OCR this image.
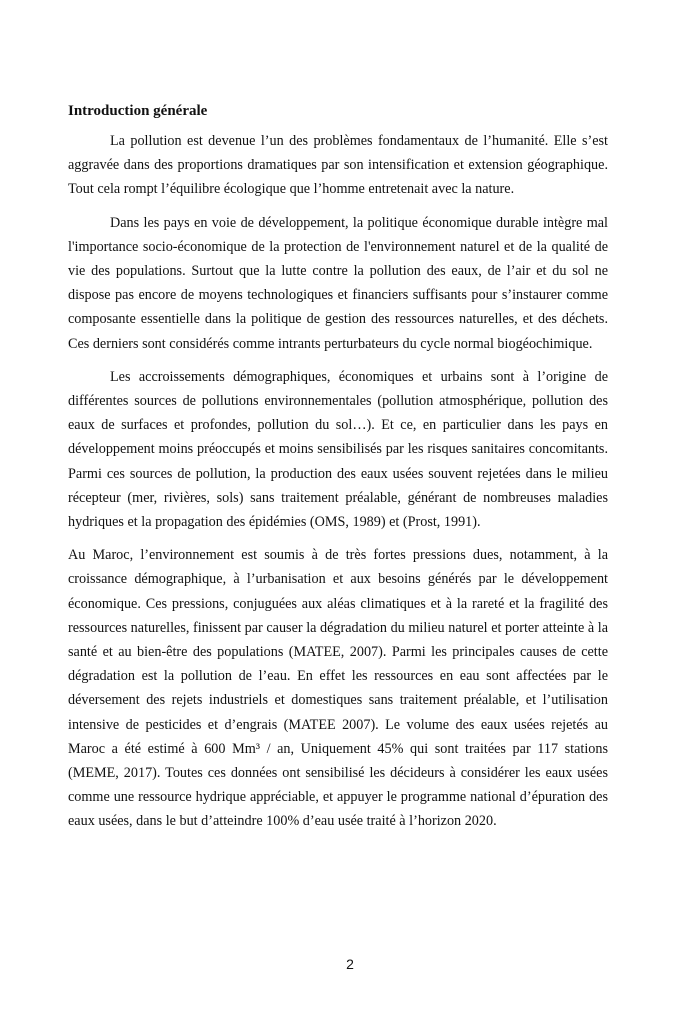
Introduction générale

La pollution est devenue l’un des problèmes fondamentaux de l’humanité. Elle s’est aggravée dans des proportions dramatiques par son intensification et extension géographique. Tout cela rompt l’équilibre écologique que l’homme entretenait avec la nature.

Dans les pays en voie de développement, la politique économique durable intègre mal l'importance socio-économique de la protection de l'environnement naturel et de la qualité de vie des populations. Surtout que la lutte contre la pollution des eaux, de l’air et du sol ne dispose pas encore de moyens technologiques et financiers suffisants pour s’instaurer comme composante essentielle dans la politique de gestion des ressources naturelles, et des déchets. Ces derniers sont considérés comme intrants perturbateurs du cycle normal biogéochimique.

Les accroissements démographiques, économiques et urbains sont à l’origine de différentes sources de pollutions environnementales (pollution atmosphérique, pollution des eaux de surfaces et profondes, pollution du sol…). Et ce, en particulier dans les pays en développement moins préoccupés et moins sensibilisés par les risques sanitaires concomitants. Parmi ces sources de pollution, la production des eaux usées souvent rejetées dans le milieu récepteur (mer, rivières, sols) sans traitement préalable, générant de nombreuses maladies hydriques et la propagation des épidémies (OMS, 1989) et (Prost, 1991).

Au Maroc, l’environnement est soumis à de très fortes pressions dues, notamment, à la croissance démographique, à l’urbanisation et aux besoins générés par le développement économique. Ces pressions, conjuguées aux aléas climatiques et à la rareté et la fragilité des ressources naturelles, finissent par causer la dégradation du milieu naturel et porter atteinte à la santé et au bien-être des populations (MATEE, 2007). Parmi les principales causes de cette dégradation est la pollution de l’eau. En effet les ressources en eau sont affectées par le déversement des rejets industriels et domestiques sans traitement préalable, et l’utilisation intensive de pesticides et d’engrais (MATEE 2007). Le volume des eaux usées rejetés au Maroc a été estimé à 600 Mm³ / an, Uniquement 45% qui sont traitées par 117 stations (MEME, 2017). Toutes ces données ont sensibilisé les décideurs à considérer les eaux usées comme une ressource hydrique appréciable, et appuyer le programme national d’épuration des eaux usées, dans le but d’atteindre 100% d’eau usée traité à l’horizon 2020.

2
